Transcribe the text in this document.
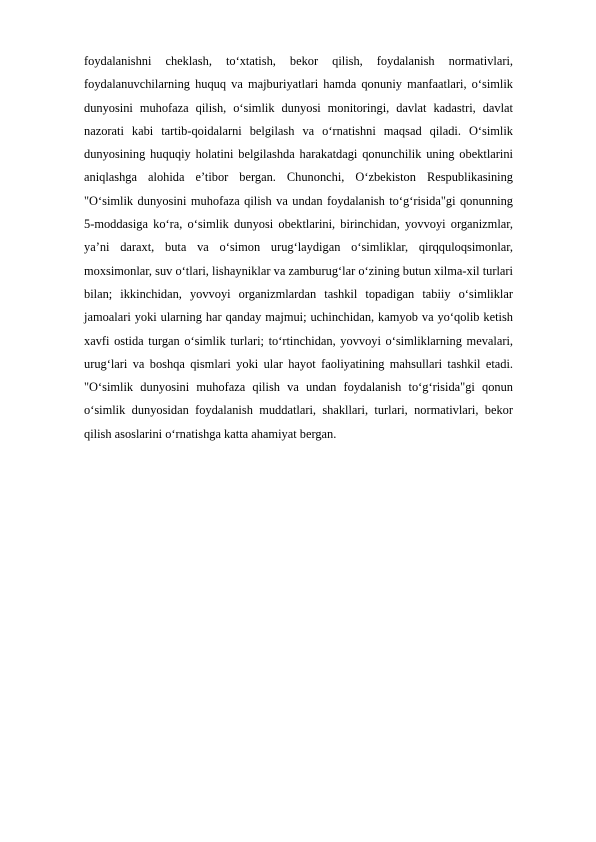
foydalanishni cheklash, to‘xtatish, bekor qilish, foydalanish normativlari, foydalanuvchilarning huquq va majburiyatlari hamda qonuniy manfaatlari, o‘simlik dunyosini muhofaza qilish, o‘simlik dunyosi monitoringi, davlat kadastri, davlat nazorati kabi tartib-qoidalarni belgilash va o‘rnatishni maqsad qiladi. O‘simlik dunyosining huquqiy holatini belgilashda harakatdagi qonunchilik uning obektlarini aniqlashga alohida e’tibor bergan. Chunonchi, O‘zbekiston Respublikasining "O‘simlik dunyosini muhofaza qilish va undan foydalanish to‘g‘risida"gi qonunning 5-moddasiga ko‘ra, o‘simlik dunyosi obektlarini, birinchidan, yovvoyi organizmlar, ya’ni daraxt, buta va o‘simon urug‘laydigan o‘simliklar, qirqquloqsimonlar, moxsimonlar, suv o‘tlari, lishayniklar va zamburug‘lar o‘zining butun xilma-xil turlari bilan; ikkinchidan, yovvoyi organizmlardan tashkil topadigan tabiiy o‘simliklar jamoalari yoki ularning har qanday majmui; uchinchidan, kamyob va yo‘qolib ketish xavfi ostida turgan o‘simlik turlari; to‘rtinchidan, yovvoyi o‘simliklarning mevalari, urug‘lari va boshqa qismlari yoki ular hayot faoliyatining mahsullari tashkil etadi. "O‘simlik dunyosini muhofaza qilish va undan foydalanish to‘g‘risida"gi qonun o‘simlik dunyosidan foydalanish muddatlari, shakllari, turlari, normativlari, bekor qilish asoslarini o‘rnatishga katta ahamiyat bergan.
